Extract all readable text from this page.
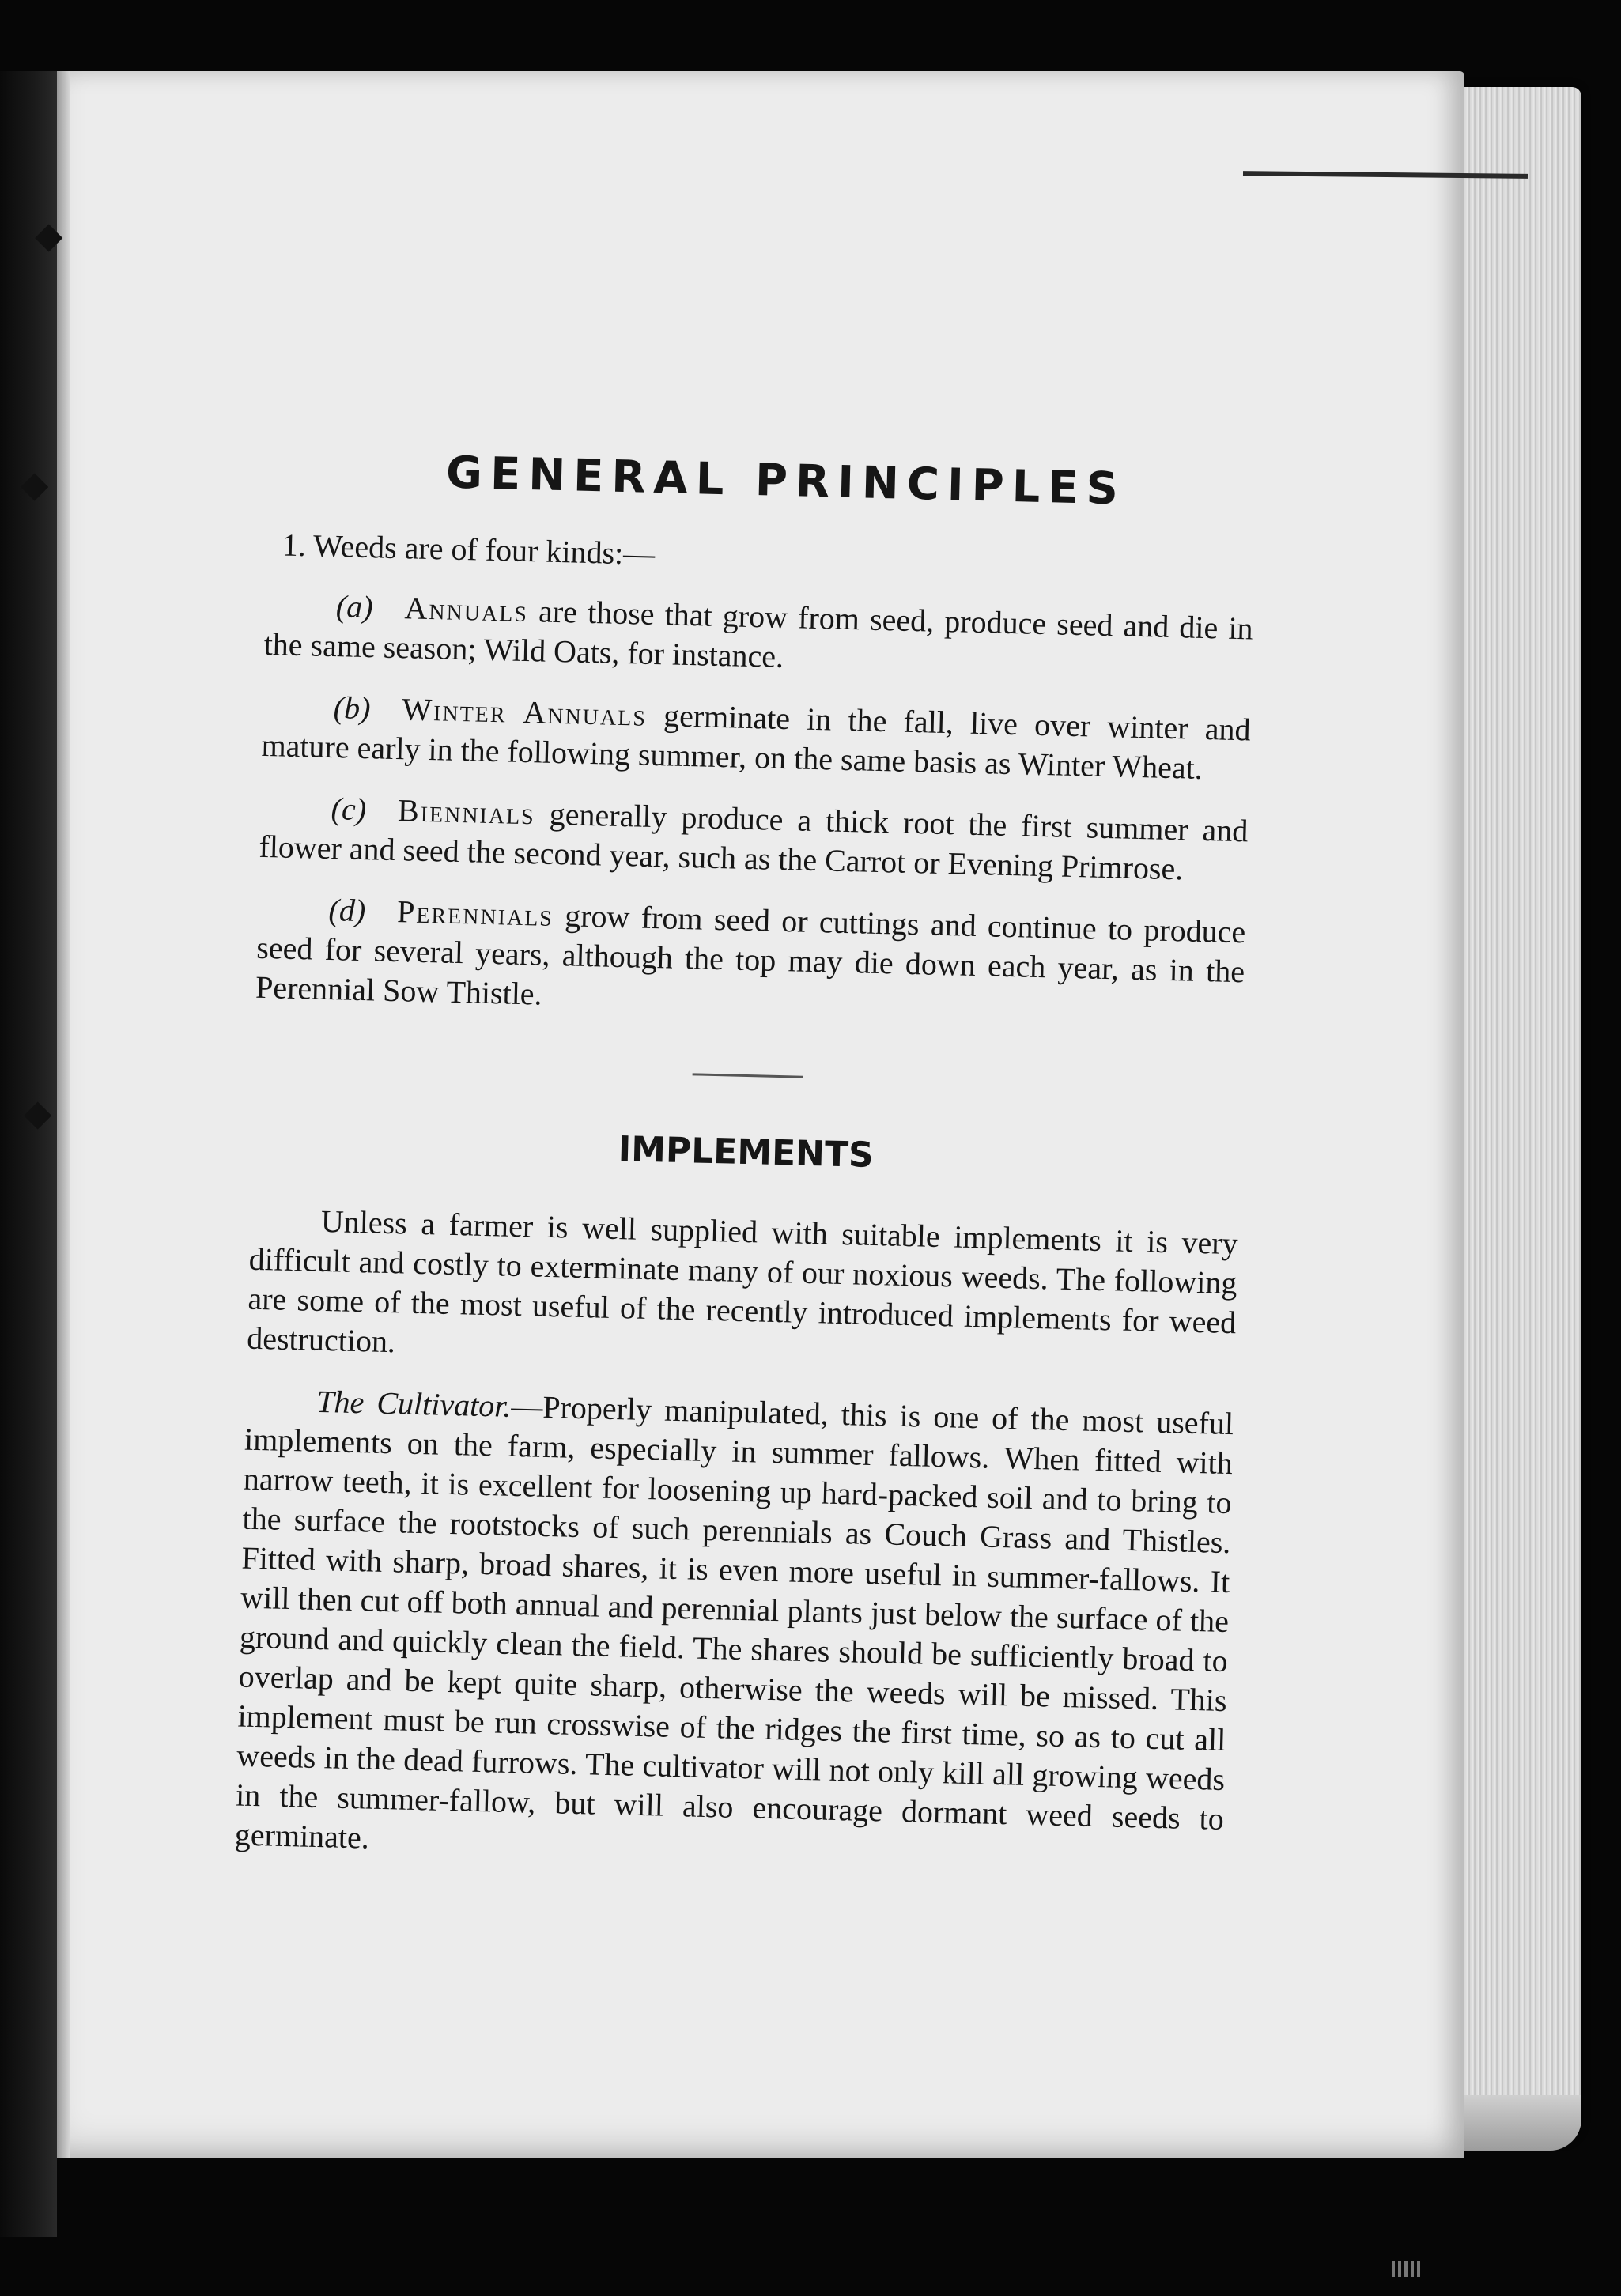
◆
◆
◆
GENERAL PRINCIPLES

1. Weeds are of four kinds:—

(a) Annuals are those that grow from seed, produce seed and die in the same season; Wild Oats, for instance.

(b) Winter Annuals germinate in the fall, live over winter and mature early in the following summer, on the same basis as Winter Wheat.

(c) Biennials generally produce a thick root the first summer and flower and seed the second year, such as the Carrot or Evening Primrose.

(d) Perennials grow from seed or cuttings and continue to produce seed for several years, although the top may die down each year, as in the Perennial Sow Thistle.

IMPLEMENTS

Unless a farmer is well supplied with suitable implements it is very difficult and costly to exterminate many of our noxious weeds. The following are some of the most useful of the recently introduced implements for weed destruction.

The Cultivator.—Properly manipulated, this is one of the most useful implements on the farm, especially in summer fallows. When fitted with narrow teeth, it is excellent for loosening up hard-packed soil and to bring to the surface the rootstocks of such perennials as Couch Grass and Thistles. Fitted with sharp, broad shares, it is even more useful in summer-fallows. It will then cut off both annual and perennial plants just below the surface of the ground and quickly clean the field. The shares should be sufficiently broad to overlap and be kept quite sharp, otherwise the weeds will be missed. This implement must be run crosswise of the ridges the first time, so as to cut all weeds in the dead furrows. The cultivator will not only kill all growing weeds in the summer-fallow, but will also encourage dormant weed seeds to germinate.
